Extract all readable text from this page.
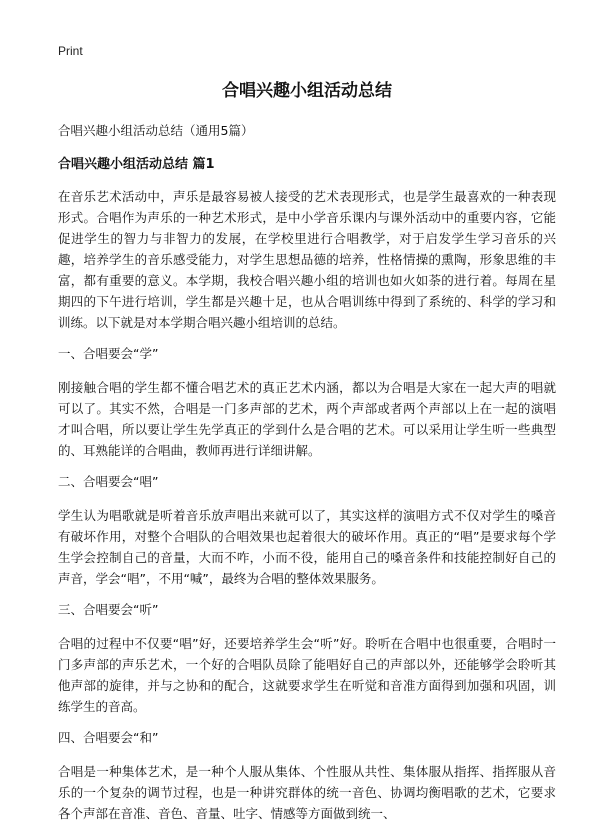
Print
合唱兴趣小组活动总结
合唱兴趣小组活动总结（通用5篇）
合唱兴趣小组活动总结 篇1

在音乐艺术活动中，声乐是最容易被人接受的艺术表现形式，也是学生最喜欢的一种表现形式。合唱作为声乐的一种艺术形式，是中小学音乐课内与课外活动中的重要内容，它能促进学生的智力与非智力的发展，在学校里进行合唱教学，对于启发学生学习音乐的兴趣，培养学生的音乐感受能力，对学生思想品德的培养，性格情操的熏陶，形象思维的丰富，都有重要的意义。本学期，我校合唱兴趣小组的培训也如火如荼的进行着。每周在星期四的下午进行培训，学生都是兴趣十足，也从合唱训练中得到了系统的、科学的学习和训练。以下就是对本学期合唱兴趣小组培训的总结。

一、合唱要会“学”

刚接触合唱的学生都不懂合唱艺术的真正艺术内涵，都以为合唱是大家在一起大声的唱就可以了。其实不然，合唱是一门多声部的艺术，两个声部或者两个声部以上在一起的演唱才叫合唱，所以要让学生先学真正的学到什么是合唱的艺术。可以采用让学生听一些典型的、耳熟能详的合唱曲，教师再进行详细讲解。

二、合唱要会“唱”

学生认为唱歌就是听着音乐放声唱出来就可以了，其实这样的演唱方式不仅对学生的嗓音有破坏作用，对整个合唱队的合唱效果也起着很大的破坏作用。真正的“唱”是要求每个学生学会控制自己的音量，大而不咋，小而不役，能用自己的嗓音条件和技能控制好自己的声音，学会“唱”，不用“喊”，最终为合唱的整体效果服务。

三、合唱要会“听”

合唱的过程中不仅要“唱”好，还要培养学生会“听”好。聆听在合唱中也很重要，合唱时一门多声部的声乐艺术，一个好的合唱队员除了能唱好自己的声部以外，还能够学会聆听其他声部的旋律，并与之协和的配合，这就要求学生在听觉和音准方面得到加强和巩固，训练学生的音高。

四、合唱要会“和”

合唱是一种集体艺术，是一种个人服从集体、个性服从共性、集体服从指挥、指挥服从音乐的一个复杂的调节过程，也是一种讲究群体的统一音色、协调均衡唱歌的艺术，它要求各个声部在音准、音色、音量、吐字、情感等方面做到统一、
